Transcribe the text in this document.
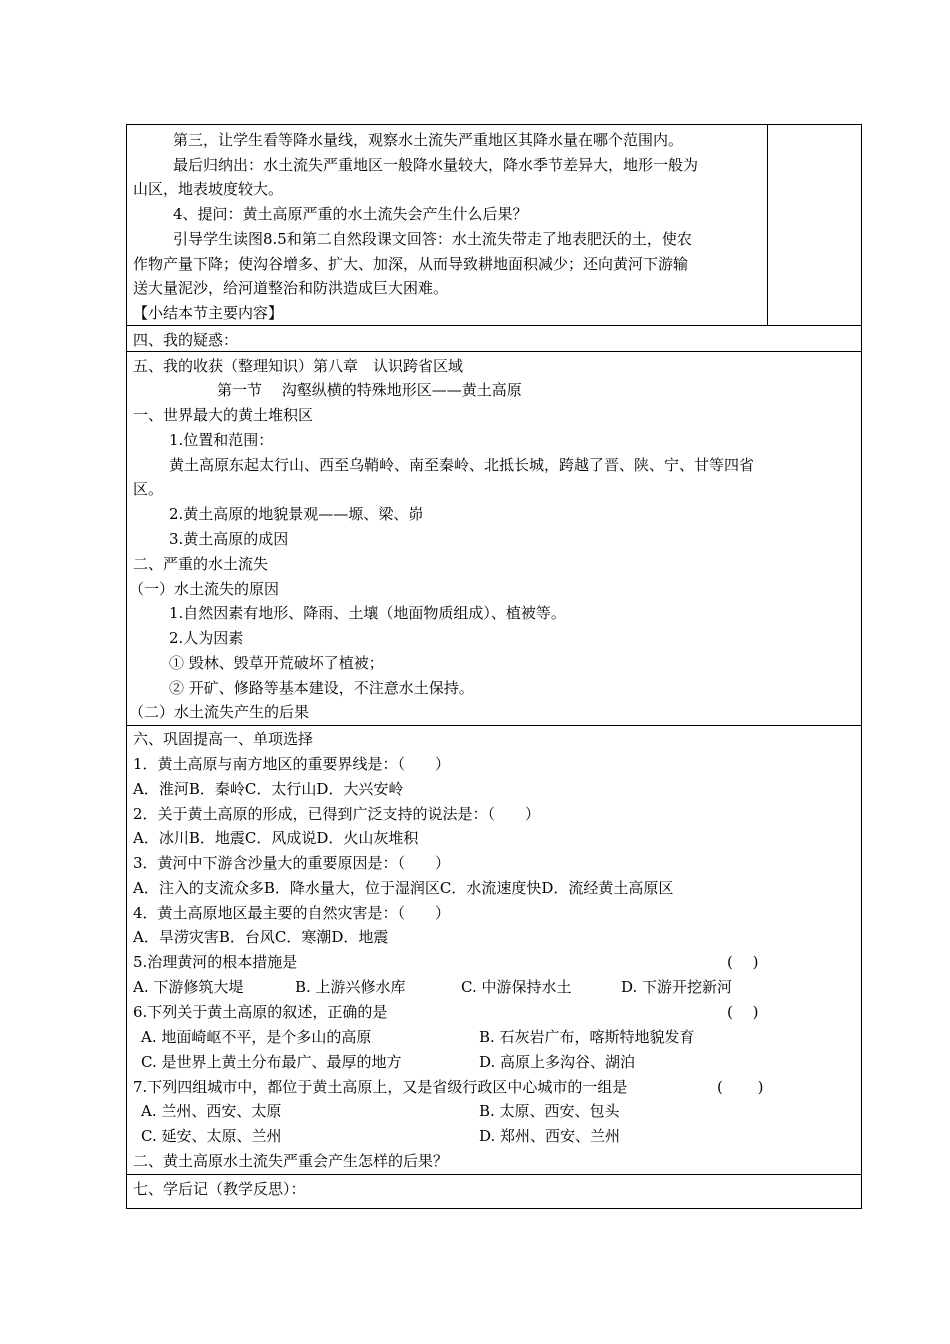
第三，让学生看等降水量线，观察水土流失严重地区其降水量在哪个范围内。
最后归纳出：水土流失严重地区一般降水量较大，降水季节差异大，地形一般为
山区，地表坡度较大。
4、提问：黄土高原严重的水土流失会产生什么后果？
引导学生读图8.5和第二自然段课文回答：水土流失带走了地表肥沃的土，使农
作物产量下降；使沟谷增多、扩大、加深，从而导致耕地面积减少；还向黄河下游输
送大量泥沙，给河道整治和防洪造成巨大困难。
【小结本节主要内容】
四、我的疑惑：
五、我的收获（整理知识）第八章　认识跨省区域
第一节　 沟壑纵横的特殊地形区——黄土高原
一、世界最大的黄土堆积区
1.位置和范围：
黄土高原东起太行山、西至乌鞘岭、南至秦岭、北抵长城，跨越了晋、陕、宁、甘等四省
区。
2.黄土高原的地貌景观——塬、梁、峁
3.黄土高原的成因
二、严重的水土流失
（一）水土流失的原因
1.自然因素有地形、降雨、土壤（地面物质组成）、植被等。
2.人为因素
① 毁林、毁草开荒破坏了植被；
② 开矿、修路等基本建设，不注意水土保持。
（二）水土流失产生的后果
六、巩固提高一、单项选择
1．黄土高原与南方地区的重要界线是：（　　）
A．淮河B．秦岭C．太行山D．大兴安岭
2．关于黄土高原的形成，已得到广泛支持的说法是：（　　）
A．冰川B．地震C．风成说D．火山灰堆积
3．黄河中下游含沙量大的重要原因是：（　　）
A．注入的支流众多B．降水量大，位于湿润区C．水流速度快D．流经黄土高原区
4．黄土高原地区最主要的自然灾害是：（　　）
A．旱涝灾害B．台风C．寒潮D．地震
5.治理黄河的根本措施是	(　 )
A. 下游修筑大堤	B. 上游兴修水库	C. 中游保持水土	D. 下游开挖新河
6.下列关于黄土高原的叙述，正确的是	(　 )
A. 地面崎岖不平，是个多山的高原	B. 石灰岩广布，喀斯特地貌发育
C. 是世界上黄土分布最广、最厚的地方	D. 高原上多沟谷、湖泊
7.下列四组城市中，都位于黄土高原上，又是省级行政区中心城市的一组是	(　　 )
A. 兰州、西安、太原	B. 太原、西安、包头
C. 延安、太原、兰州	D. 郑州、西安、兰州
二、黄土高原水土流失严重会产生怎样的后果？
七、学后记（教学反思）：
